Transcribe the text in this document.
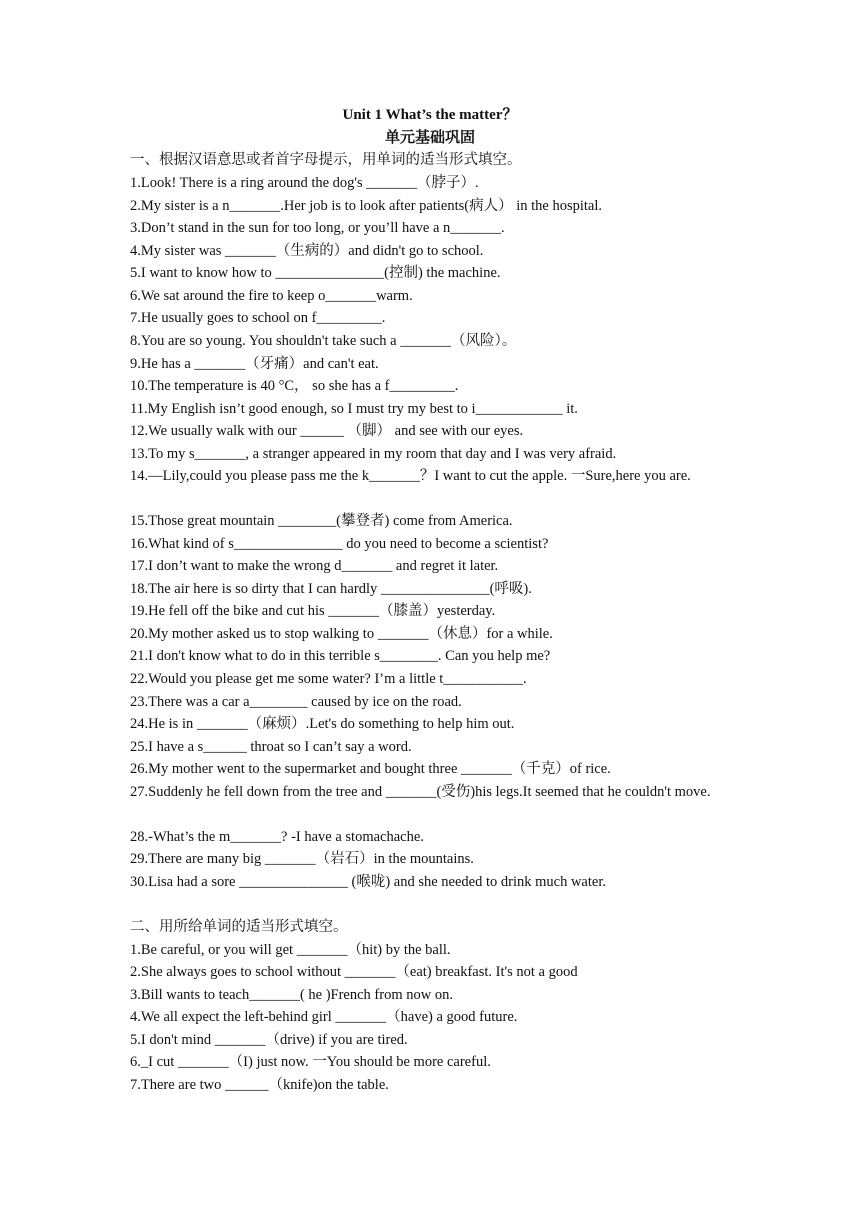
Unit 1 What’s the matter？
单元基础巩固
一、根据汉语意思或者首字母提示，用单词的适当形式填空。
1.Look! There is a ring around the dog's _______（脖子）.
2.My sister is a n_______.Her job is to look after patients(病人） in the hospital.
3.Don’t stand in the sun for too long, or you’ll have a n_______.
4.My sister was _______（生病的）and didn't go to school.
5.I want to know how to _______________(控制) the machine.
6.We sat around the fire to keep o_______warm.
7.He usually goes to school on f_________.
8.You are so young. You shouldn't take such a _______（风险）。
9.He has a _______（牙痛）and can't eat.
10.The temperature is 40 °C， so she has a f_________.
11.My English isn’t good enough, so I must try my best to i____________ it.
12.We usually walk with our ______ （脚） and see with our eyes.
13.To my s_______, a stranger appeared in my room that day and I was very afraid.
14.—Lily,could you please pass me the k_______？I want to cut the apple. 一Sure,here you are.
15.Those great mountain ________(攀登者) come from America.
16.What kind of s_______________ do you need to become a scientist?
17.I don’t want to make the wrong d_______ and regret it later.
18.The air here is so dirty that I can hardly _______________(呼吸).
19.He fell off the bike and cut his _______（膝盖）yesterday.
20.My mother asked us to stop walking to _______（休息）for a while.
21.I don't know what to do in this terrible s________. Can you help me?
22.Would you please get me some water? I’m a little t___________.
23.There was a car a________ caused by ice on the road.
24.He is in _______（麻烦）.Let's do something to help him out.
25.I have a s______ throat so I can’t say a word.
26.My mother went to the supermarket and bought three _______（千克）of rice.
27.Suddenly he fell down from the tree and _______(受伤)his legs.It seemed that he couldn't move.
28.-What’s the m_______? -I have a stomachache.
29.There are many big _______（岩石）in the mountains.
30.Lisa had a sore _______________ (喉咙) and she needed to drink much water.
二、用所给单词的适当形式填空。
1.Be careful, or you will get _______（hit) by the ball.
2.She always goes to school without _______（eat) breakfast. It's not a good
3.Bill wants to teach_______( he )French from now on.
4.We all expect the left-behind girl _______（have) a good future.
5.I don't mind _______（drive) if you are tired.
6._I cut _______（I) just now. 一You should be more careful.
7.There are two ______（knife)on the table.
